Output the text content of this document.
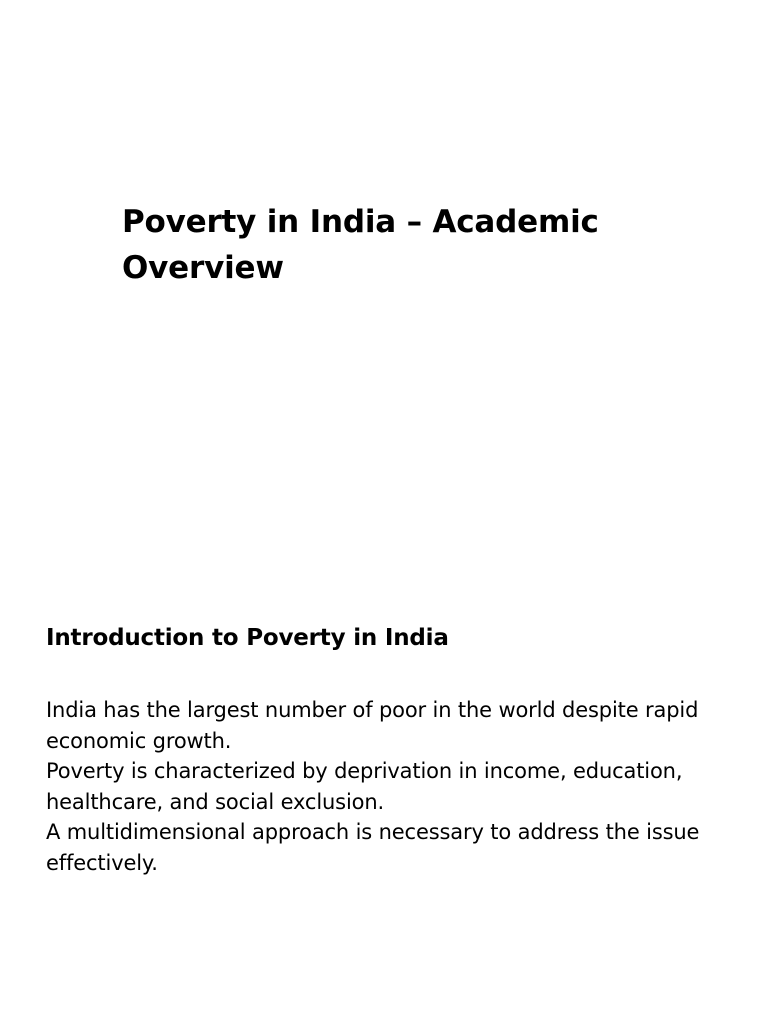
Poverty in India – Academic Overview
Introduction to Poverty in India

India has the largest number of poor in the world despite rapid economic growth.

Poverty is characterized by deprivation in income, education, healthcare, and social exclusion.

A multidimensional approach is necessary to address the issue effectively.
